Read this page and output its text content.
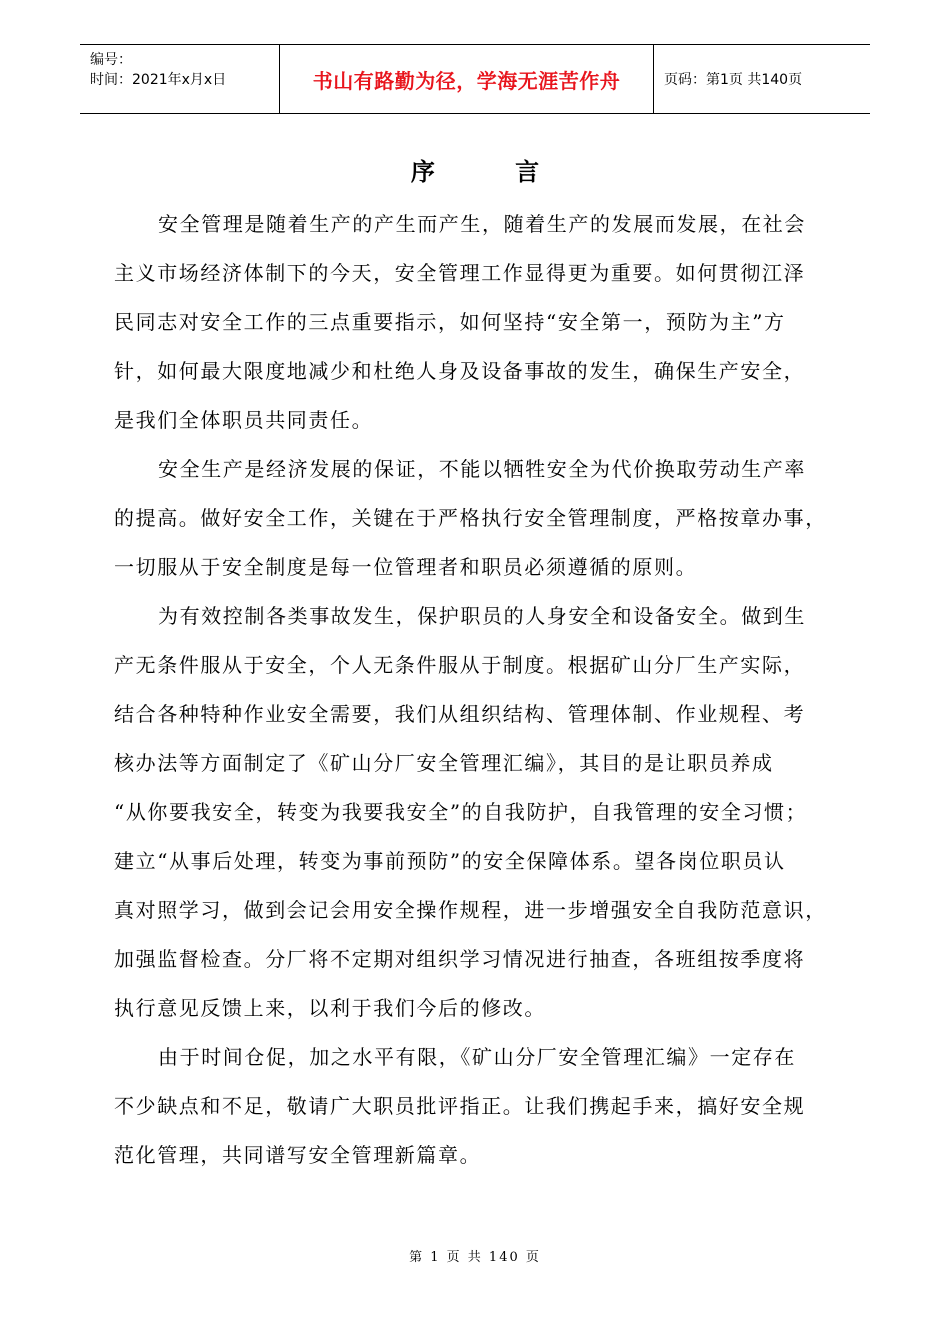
编号：
时间：2021年x月x日	书山有路勤为径，学海无涯苦作舟	页码：第1页 共140页
序 言

安全管理是随着生产的产生而产生，随着生产的发展而发展，在社会
主义市场经济体制下的今天，安全管理工作显得更为重要。如何贯彻江泽
民同志对安全工作的三点重要指示，如何坚持“安全第一，预防为主”方
针，如何最大限度地减少和杜绝人身及设备事故的发生，确保生产安全，
是我们全体职员共同责任。

安全生产是经济发展的保证，不能以牺牲安全为代价换取劳动生产率
的提高。做好安全工作，关键在于严格执行安全管理制度，严格按章办事，
一切服从于安全制度是每一位管理者和职员必须遵循的原则。

为有效控制各类事故发生，保护职员的人身安全和设备安全。做到生
产无条件服从于安全，个人无条件服从于制度。根据矿山分厂生产实际，
结合各种特种作业安全需要，我们从组织结构、管理体制、作业规程、考
核办法等方面制定了《矿山分厂安全管理汇编》，其目的是让职员养成
“从你要我安全，转变为我要我安全”的自我防护，自我管理的安全习惯；
建立“从事后处理，转变为事前预防”的安全保障体系。望各岗位职员认
真对照学习，做到会记会用安全操作规程，进一步增强安全自我防范意识，
加强监督检查。分厂将不定期对组织学习情况进行抽查，各班组按季度将
执行意见反馈上来，以利于我们今后的修改。

由于时间仓促，加之水平有限，《矿山分厂安全管理汇编》一定存在
不少缺点和不足，敬请广大职员批评指正。让我们携起手来，搞好安全规
范化管理，共同谱写安全管理新篇章。

第 1 页 共 140 页
